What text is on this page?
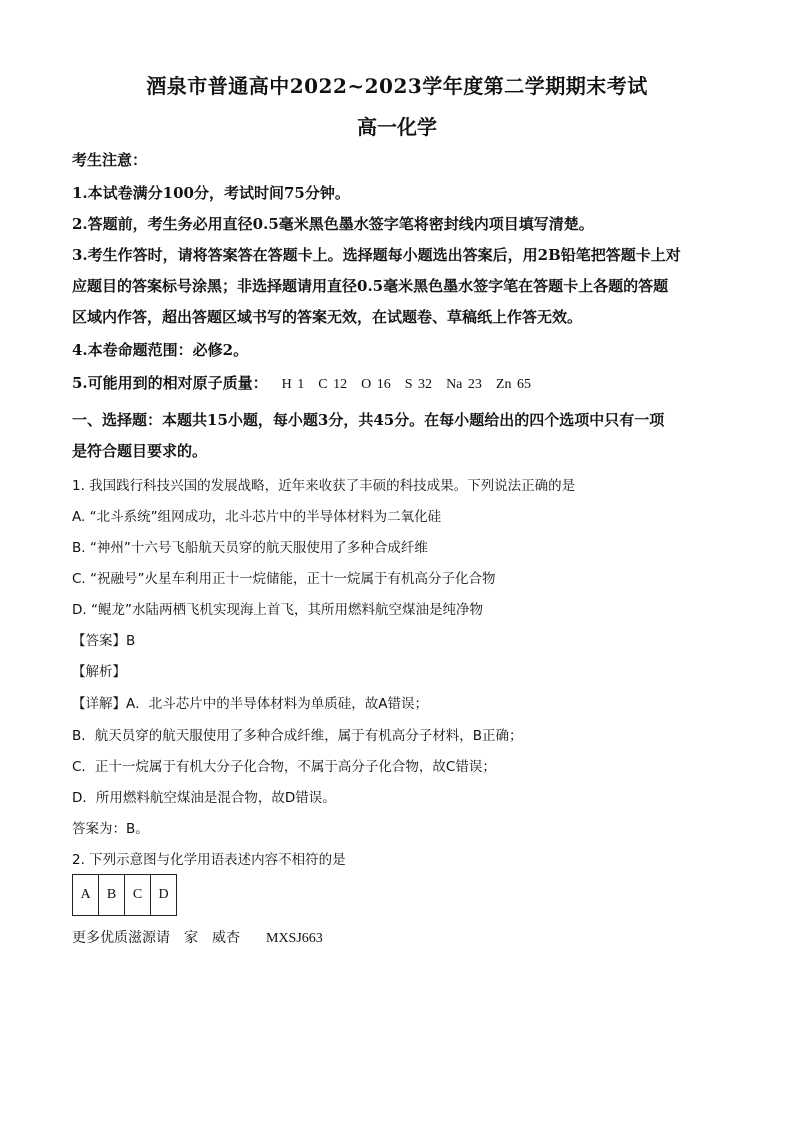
酒泉市普通高中2022~2023学年度第二学期期末考试
高一化学
考生注意：
1.本试卷满分100分，考试时间75分钟。
2.答题前，考生务必用直径0.5毫米黑色墨水签字笔将密封线内项目填写清楚。
3.考生作答时，请将答案答在答题卡上。选择题每小题选出答案后，用2B铅笔把答题卡上对
应题目的答案标号涂黑；非选择题请用直径0.5毫米黑色墨水签字笔在答题卡上各题的答题
区域内作答，超出答题区域书写的答案无效，在试题卷、草稿纸上作答无效。
4.本卷命题范围：必修2。
5.可能用到的相对原子质量： H 1 C 12 O 16 S 32 Na 23 Zn 65
一、选择题：本题共15小题，每小题3分，共45分。在每小题给出的四个选项中只有一项
是符合题目要求的。
1. 我国践行科技兴国的发展战略，近年来收获了丰硕的科技成果。下列说法正确的是
A. “北斗系统”组网成功，北斗芯片中的半导体材料为二氧化硅
B. “神州”十六号飞船航天员穿的航天服使用了多种合成纤维
C. “祝融号”火星车利用正十一烷储能，正十一烷属于有机高分子化合物
D. “鲲龙”水陆两栖飞机实现海上首飞，其所用燃料航空煤油是纯净物
【答案】B
【解析】
【详解】A．北斗芯片中的半导体材料为单质硅，故A错误；
B．航天员穿的航天服使用了多种合成纤维，属于有机高分子材料，B正确；
C．正十一烷属于有机大分子化合物，不属于高分子化合物，故C错误；
D．所用燃料航空煤油是混合物，故D错误。
答案为：B。
2. 下列示意图与化学用语表述内容不相符的是
A	B	C	D
更多优质滋源请 家 威杏 MXSJ663
